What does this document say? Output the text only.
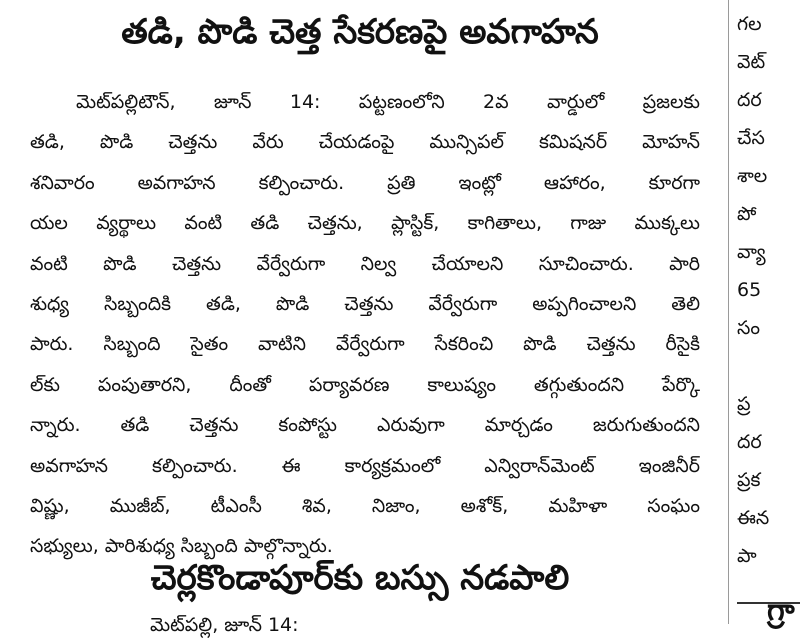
తడి, పొడి చెత్త సేకరణపై అవగాహన
మెట్‌పల్లిటౌన్‌, జూన్‌ 14: పట్టణంలోని 2వ వార్డులో ప్రజలకు
తడి, పొడి చెత్తను వేరు చేయడంపై మున్సిపల్‌ కమిషనర్‌ మోహన్‌
శనివారం అవగాహన కల్పించారు. ప్రతి ఇంట్లో ఆహారం, కూరగా
యల వ్యర్థాలు వంటి తడి చెత్తను, ప్లాస్టిక్‌, కాగితాలు, గాజు ముక్కలు
వంటి పొడి చెత్తను వేర్వేరుగా నిల్వ చేయాలని సూచించారు. పారి
శుధ్య సిబ్బందికి తడి, పొడి చెత్తను వేర్వేరుగా అప్పగించాలని తెలి
పారు. సిబ్బంది సైతం వాటిని వేర్వేరుగా సేకరించి పొడి చెత్తను రీసైకి
ల్‌కు పంపుతారని, దీంతో పర్యావరణ కాలుష్యం తగ్గుతుందని పేర్కొ
న్నారు. తడి చెత్తను కంపోస్టు ఎరువుగా మార్చడం జరుగుతుందని
అవగాహన కల్పించారు. ఈ కార్యక్రమంలో ఎన్విరాన్‌మెంట్‌ ఇంజినీర్‌
విష్ణు, ముజీబ్‌, టీఎంసీ శివ, నిజాం, అశోక్‌, మహిళా సంఘం
సభ్యులు, పారిశుధ్య సిబ్బంది పాల్గొన్నారు.
చెర్లకొండాపూర్‌కు బస్సు నడపాలి
మెట్‌పల్లి, జూన్‌ 14:
గల
వెట్
దర
చేస
శాల
పో
వ్యా
65
సం
ప్ర
దర
ప్రక
ఈన
పా
గ్రా
